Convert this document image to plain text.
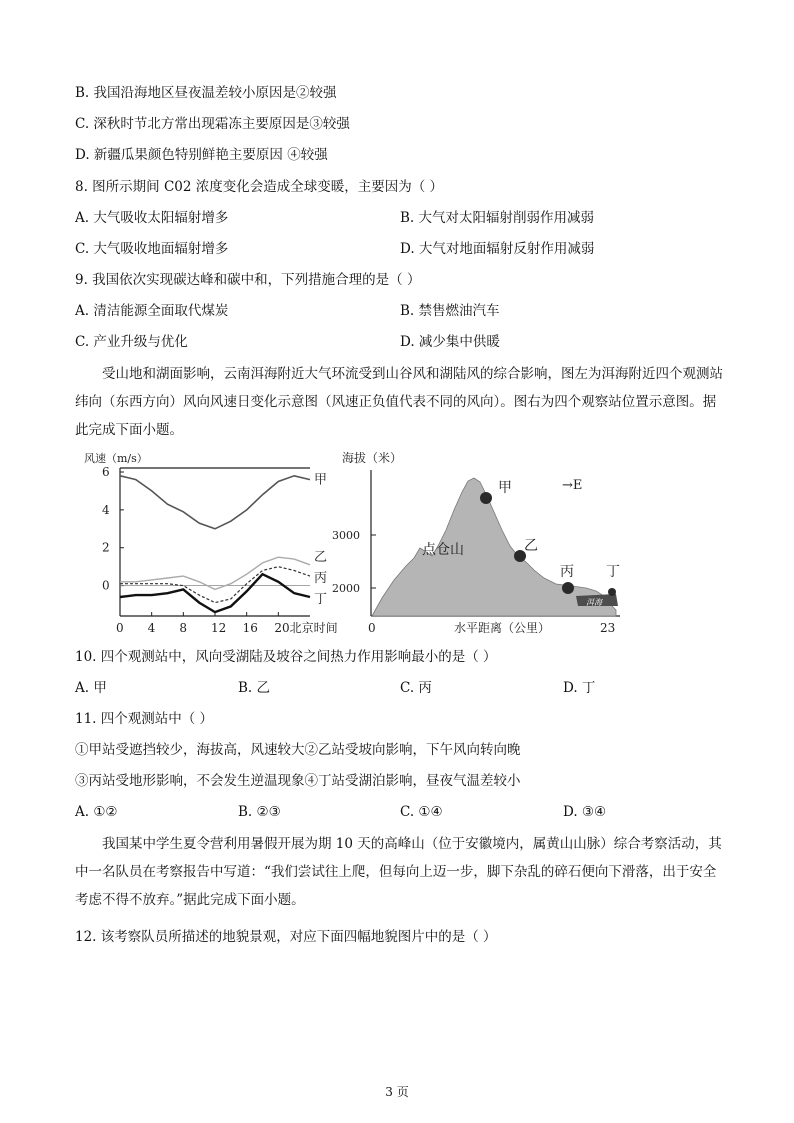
B. 我国沿海地区昼夜温差较小原因是②较强
C. 深秋时节北方常出现霜冻主要原因是③较强
D. 新疆瓜果颜色特别鲜艳主要原因 ④较强
8. 图所示期间 C02 浓度变化会造成全球变暖，主要因为（ ）
A. 大气吸收太阳辐射增多	B. 大气对太阳辐射削弱作用减弱
C. 大气吸收地面辐射增多	D. 大气对地面辐射反射作用减弱
9. 我国依次实现碳达峰和碳中和，下列措施合理的是（ ）
A. 清洁能源全面取代煤炭	B. 禁售燃油汽车
C. 产业升级与优化	D. 减少集中供暖
受山地和湖面影响，云南洱海附近大气环流受到山谷风和湖陆风的综合影响，图左为洱海附近四个观测站纬向（东西方向）风向风速日变化示意图（风速正负值代表不同的风向）。图右为四个观察站位置示意图。据此完成下面小题。
风速（m/s）
6
4
2
0
0 4 8 12 16 20北京时间
甲
乙
丙
丁
海拔（米）
3000
2000
洱海
点仓山
→E
甲
乙
丙 丁
0	水平距离（公里）	23
10. 四个观测站中，风向受湖陆及坡谷之间热力作用影响最小的是（ ）
A. 甲	B. 乙	C. 丙	D. 丁
11. 四个观测站中（ ）
①甲站受遮挡较少，海拔高，风速较大②乙站受坡向影响，下午风向转向晚
③丙站受地形影响，不会发生逆温现象④丁站受湖泊影响，昼夜气温差较小
A. ①②	B. ②③	C. ①④	D. ③④
我国某中学生夏令营利用暑假开展为期 10 天的高峰山（位于安徽境内，属黄山山脉）综合考察活动，其中一名队员在考察报告中写道：“我们尝试往上爬，但每向上迈一步，脚下杂乱的碎石便向下滑落，出于安全考虑不得不放弃。”据此完成下面小题。
12. 该考察队员所描述的地貌景观，对应下面四幅地貌图片中的是（ ）
3 页
